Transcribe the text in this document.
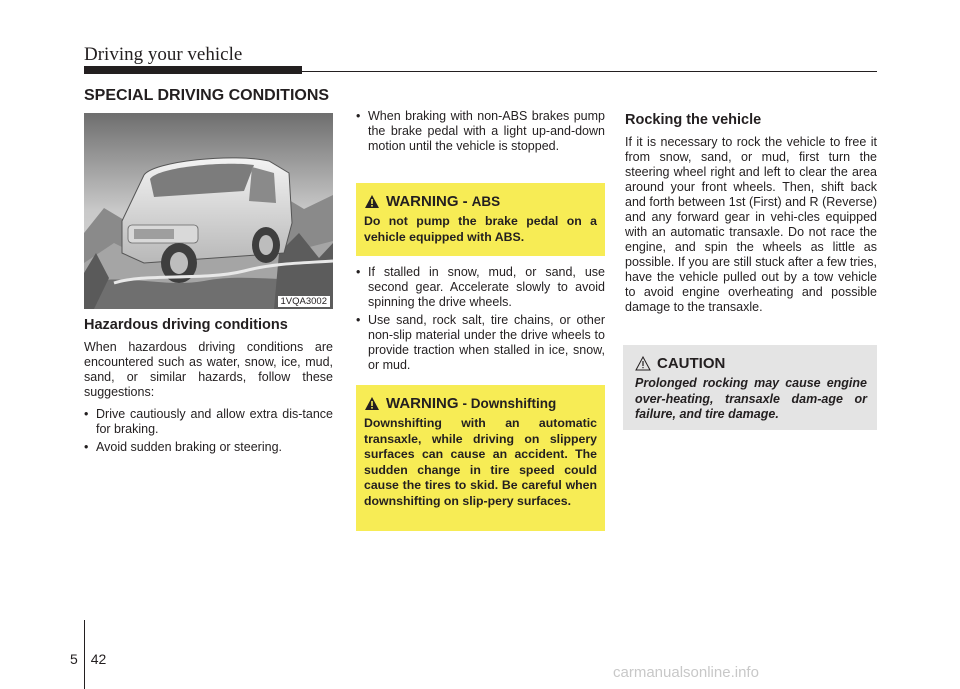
Driving your vehicle
SPECIAL DRIVING CONDITIONS
1VQA3002
Hazardous driving conditions

When hazardous driving conditions are encountered such as water, snow, ice, mud, sand, or similar hazards, follow these suggestions:

• Drive cautiously and allow extra dis-tance for braking.
• Avoid sudden braking or steering.
• When braking with non-ABS brakes pump the brake pedal with a light up-and-down motion until the vehicle is stopped.
WARNING - ABS
Do not pump the brake pedal on a vehicle equipped with ABS.
• If stalled in snow, mud, or sand, use second gear. Accelerate slowly to avoid spinning the drive wheels.
• Use sand, rock salt, tire chains, or other non-slip material under the drive wheels to provide traction when stalled in ice, snow, or mud.
WARNING - Downshifting
Downshifting with an automatic transaxle, while driving on slippery surfaces can cause an accident. The sudden change in tire speed could cause the tires to skid. Be careful when downshifting on slip-pery surfaces.
Rocking the vehicle

If it is necessary to rock the vehicle to free it from snow, sand, or mud, first turn the steering wheel right and left to clear the area around your front wheels. Then, shift back and forth between 1st (First) and R (Reverse) and any forward gear in vehi-cles equipped with an automatic transaxle. Do not race the engine, and spin the wheels as little as possible. If you are still stuck after a few tries, have the vehicle pulled out by a tow vehicle to avoid engine overheating and possible damage to the transaxle.

CAUTION
Prolonged rocking may cause engine over-heating, transaxle dam-age or failure, and tire damage.
5 42
carmanualsonline.info
